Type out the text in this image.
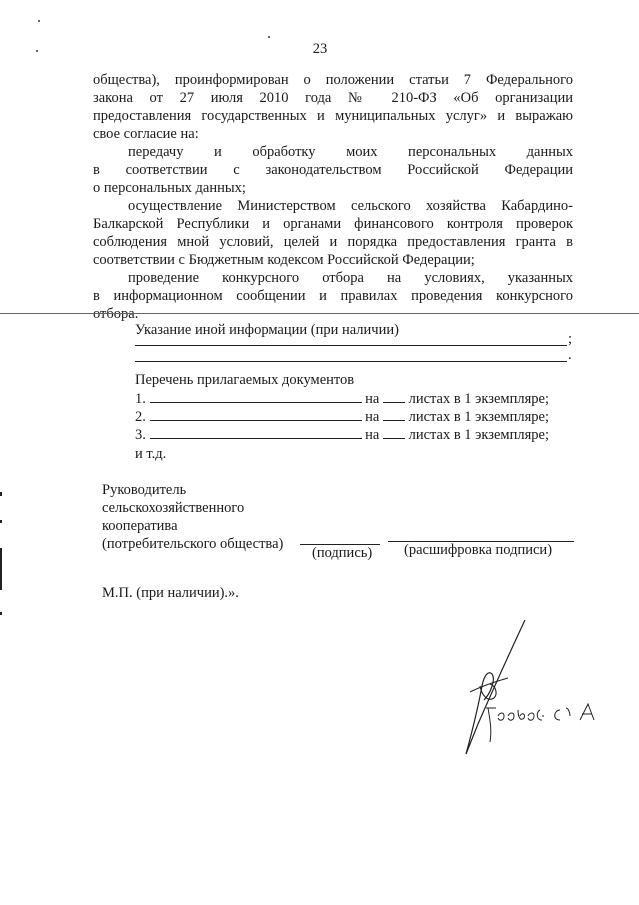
23
общества), проинформирован о положении статьи 7 Федерального
закона от 27 июля 2010 года № 210-ФЗ «Об организации
предоставления государственных и муниципальных услуг» и выражаю
свое согласие на:
передачу и обработку моих персональных данных
в соответствии с законодательством Российской Федерации
о персональных данных;
осуществление Министерством сельского хозяйства Кабардино-
Балкарской Республики и органами финансового контроля проверок
соблюдения мной условий, целей и порядка предоставления гранта в
соответствии с Бюджетным кодексом Российской Федерации;
проведение конкурсного отбора на условиях, указанных
в информационном сообщении и правилах проведения конкурсного
отбора.
Указание иной информации (при наличии)
;
.
Перечень прилагаемых документов
1.	на листах в 1 экземпляре;
2.	на листах в 1 экземпляре;
3.	на листах в 1 экземпляре;
и т.д.
Руководитель
сельскохозяйственного
кооператива
(потребительского общества)
(подпись) (расшифровка подписи)
М.П. (при наличии).».
